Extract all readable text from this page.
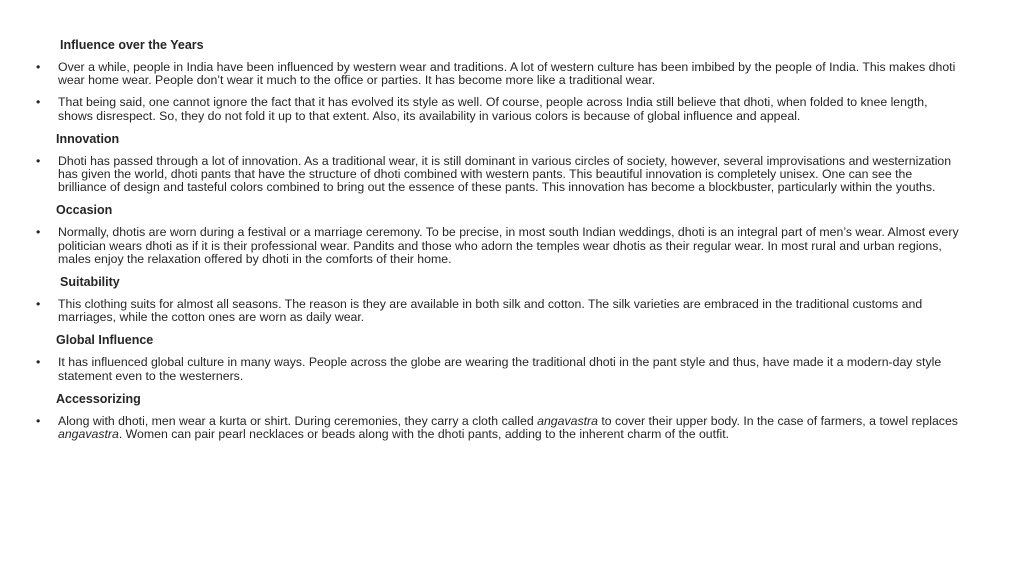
Influence over the Years
•	Over a while, people in India have been influenced by western wear and traditions. A lot of western culture has been imbibed by the people of India. This makes dhoti wear home wear. People don’t wear it much to the office or parties. It has become more like a traditional wear.
•	That being said, one cannot ignore the fact that it has evolved its style as well. Of course, people across India still believe that dhoti, when folded to knee length, shows disrespect. So, they do not fold it up to that extent. Also, its availability in various colors is because of global influence and appeal.
Innovation
•	Dhoti has passed through a lot of innovation. As a traditional wear, it is still dominant in various circles of society, however, several improvisations and westernization has given the world, dhoti pants that have the structure of dhoti combined with western pants. This beautiful innovation is completely unisex. One can see the brilliance of design and tasteful colors combined to bring out the essence of these pants. This innovation has become a blockbuster, particularly within the youths.
Occasion
•	Normally, dhotis are worn during a festival or a marriage ceremony. To be precise, in most south Indian weddings, dhoti is an integral part of men’s wear. Almost every politician wears dhoti as if it is their professional wear. Pandits and those who adorn the temples wear dhotis as their regular wear. In most rural and urban regions, males enjoy the relaxation offered by dhoti in the comforts of their home.
Suitability
•	This clothing suits for almost all seasons. The reason is they are available in both silk and cotton. The silk varieties are embraced in the traditional customs and marriages, while the cotton ones are worn as daily wear.
Global Influence
•	It has influenced global culture in many ways. People across the globe are wearing the traditional dhoti in the pant style and thus, have made it a modern-day style statement even to the westerners.
Accessorizing
•	Along with dhoti, men wear a kurta or shirt. During ceremonies, they carry a cloth called angavastra to cover their upper body. In the case of farmers, a towel replaces angavastra. Women can pair pearl necklaces or beads along with the dhoti pants, adding to the inherent charm of the outfit.
